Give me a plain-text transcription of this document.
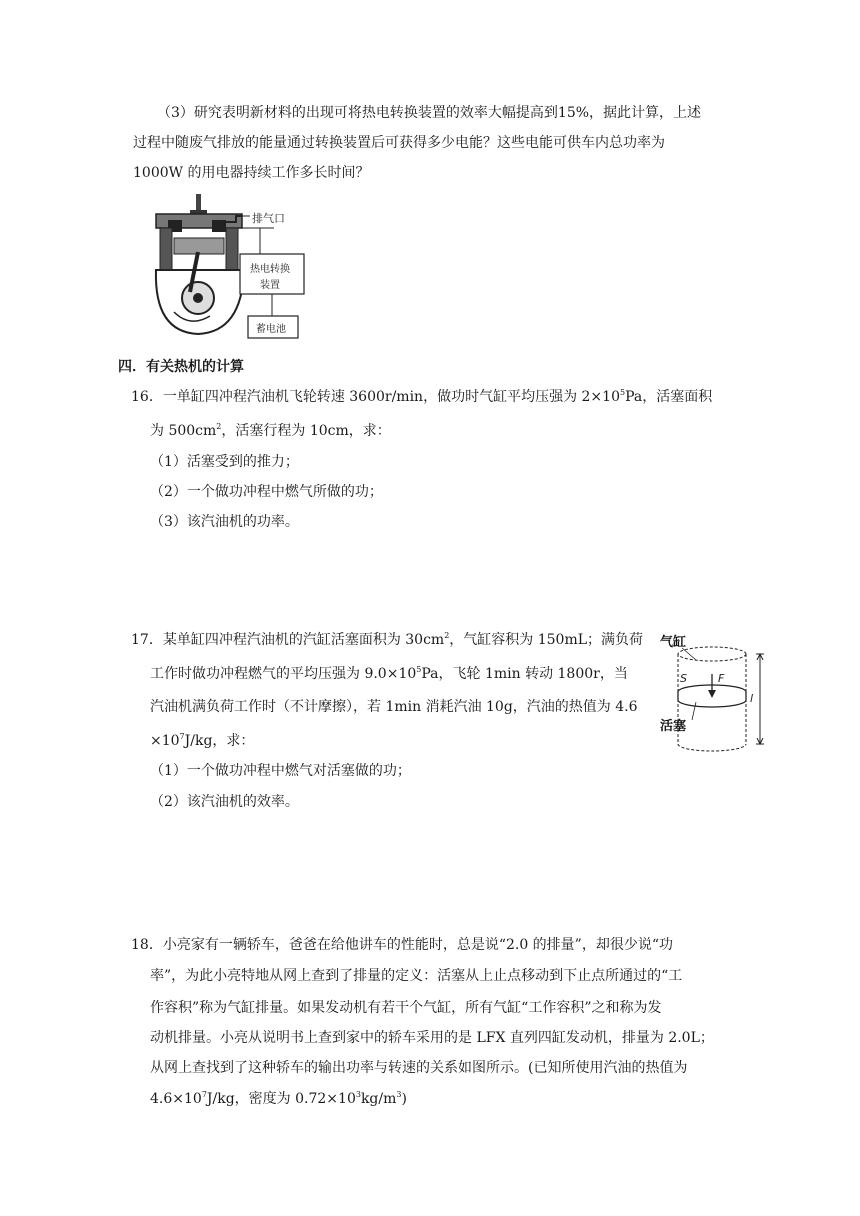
（3）研究表明新材料的出现可将热电转换装置的效率大幅提高到15%，据此计算，上述
过程中随废气排放的能量通过转换装置后可获得多少电能？这些电能可供车内总功率为
1000W 的用电器持续工作多长时间？
排气口
热电转换
装置
蓄电池
四．有关热机的计算
16．一单缸四冲程汽油机飞轮转速 3600r/min，做功时气缸平均压强为 $2\times 10^5Pa$，活塞面积
为 $500cm^2$，活塞行程为 10cm，求：
（1）活塞受到的推力；
（2）一个做功冲程中燃气所做的功；
（3）该汽油机的功率。
17．某单缸四冲程汽油机的汽缸活塞面积为 $30cm^2$，气缸容积为 150mL；满负荷
工作时做功冲程燃气的平均压强为 $9.0\times 10^5Pa$，飞轮 1min 转动 1800r，当
汽油机满负荷工作时（不计摩擦），若 1min 消耗汽油 10g，汽油的热值为 4.6
$\times 10^7J/kg$，求：
（1）一个做功冲程中燃气对活塞做的功；
（2）该汽油机的效率。
气缸
活塞
S	F
l
18．小亮家有一辆轿车，爸爸在给他讲车的性能时，总是说“2.0 的排量”，却很少说“功
率”，为此小亮特地从网上查到了排量的定义：活塞从上止点移动到下止点所通过的“工
作容积”称为气缸排量。如果发动机有若干个气缸，所有气缸“工作容积”之和称为发
动机排量。小亮从说明书上查到家中的轿车采用的是 LFX 直列四缸发动机，排量为 2.0L；
从网上查找到了这种轿车的输出功率与转速的关系如图所示。(已知所使用汽油的热值为
$4.6\times 10^7J/kg$，密度为 $0.72\times 10^3kg/m^3$)
